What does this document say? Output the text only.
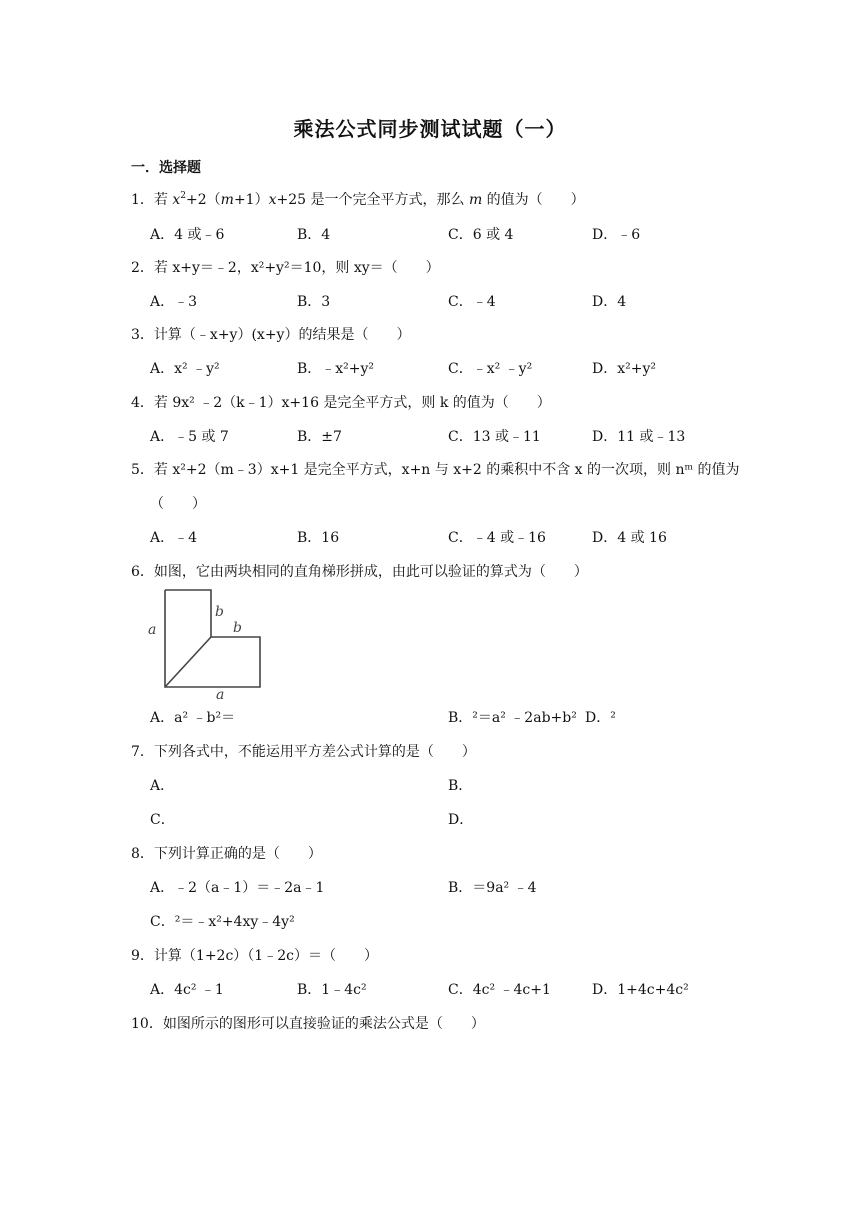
乘法公式同步测试试题（一）
一．选择题
1．若 $x^2+2(m+1)x+25$ 是一个完全平方式，那么 m 的值为（　　）
A．4 或﹣6	B．4	C．6 或 4	D．﹣6
2．若 x+y＝﹣2，x²+y²＝10，则 xy＝（　　）
A．﹣3	B．3	C．﹣4	D．4
3．计算（﹣x+y）(x+y）的结果是（　　）
A．x² ﹣y²	B．﹣x²+y²	C．﹣x² ﹣y²	D．x²+y²
4．若 9x² ﹣2（k﹣1）x+16 是完全平方式，则 k 的值为（　　）
A．﹣5 或 7	B．±7	C．13 或﹣11	D．11 或﹣13
5．若 x²+2（m﹣3）x+1 是完全平方式，x+n 与 x+2 的乘积中不含 x 的一次项，则 nᵐ 的值为
（　　）
A．﹣4	B．16	C．﹣4 或﹣16	D．4 或 16
6．如图，它由两块相同的直角梯形拼成，由此可以验证的算式为（　　）
a
b
b
a
A．a² ﹣b²＝	B．²＝a² ﹣2ab+b² D．²
7．下列各式中，不能运用平方差公式计算的是（　　）
A．	B．
C．	D．
8．下列计算正确的是（　　）
A．﹣2（a﹣1）＝﹣2a﹣1	B．＝9a² ﹣4
C．²＝﹣x²+4xy﹣4y²
9．计算（1+2c）（1﹣2c）＝（　　）
A．4c² ﹣1	B．1﹣4c²	C．4c² ﹣4c+1	D．1+4c+4c²
10．如图所示的图形可以直接验证的乘法公式是（　　）
